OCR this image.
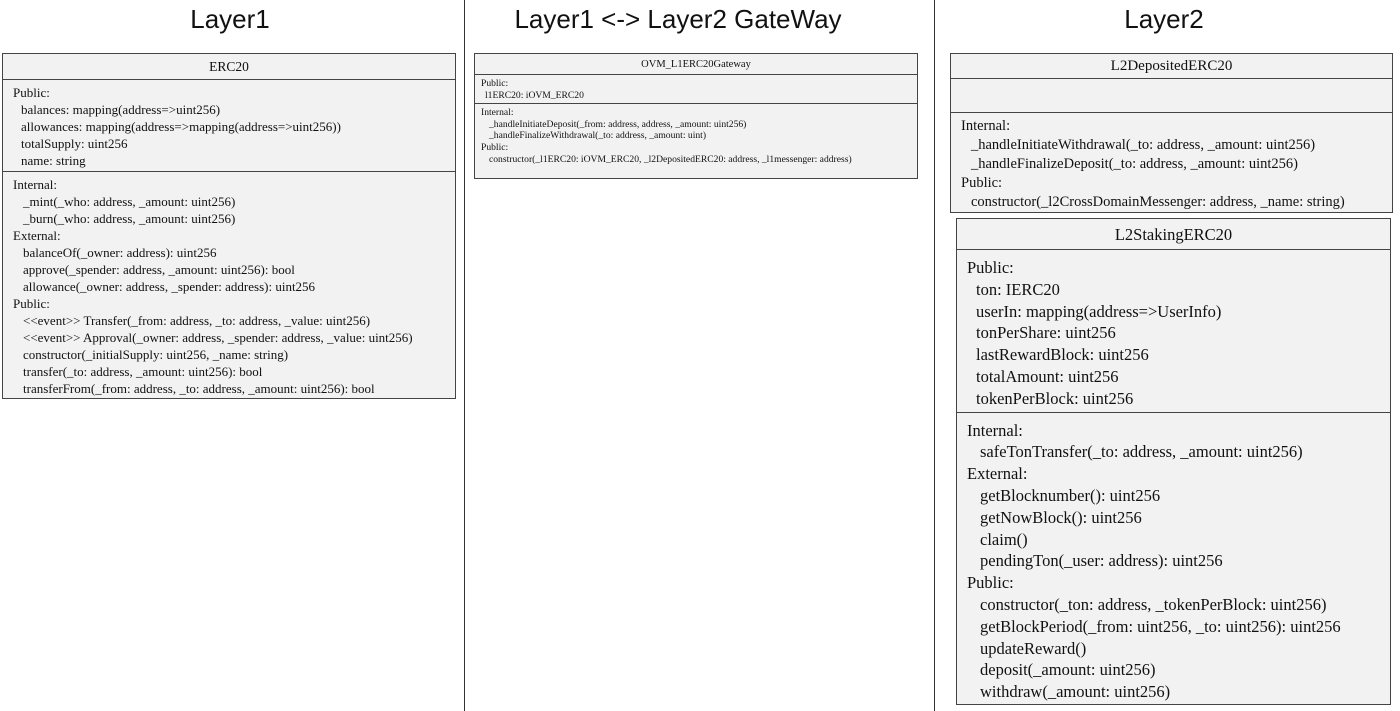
Layer1	Layer1 <-> Layer2 GateWay	Layer2
ERC20
Public:
balances: mapping(address=>uint256)
allowances: mapping(address=>mapping(address=>uint256))
totalSupply: uint256
name: string
Internal:
_mint(_who: address, _amount: uint256)
_burn(_who: address, _amount: uint256)
External:
balanceOf(_owner: address): uint256
approve(_spender: address, _amount: uint256): bool
allowance(_owner: address, _spender: address): uint256
Public:
<<event>> Transfer(_from: address, _to: address, _value: uint256)
<<event>> Approval(_owner: address, _spender: address, _value: uint256)
constructor(_initialSupply: uint256, _name: string)
transfer(_to: address, _amount: uint256): bool
transferFrom(_from: address, _to: address, _amount: uint256): bool
OVM_L1ERC20Gateway
Public:
l1ERC20: iOVM_ERC20
Internal:
_handleInitiateDeposit(_from: address, address, _amount: uint256)
_handleFinalizeWithdrawal(_to: address, _amount: uint)
Public:
constructor(_l1ERC20: iOVM_ERC20, _l2DepositedERC20: address, _l1messenger: address)
L2DepositedERC20
Internal:
_handleInitiateWithdrawal(_to: address, _amount: uint256)
_handleFinalizeDeposit(_to: address, _amount: uint256)
Public:
constructor(_l2CrossDomainMessenger: address, _name: string)
L2StakingERC20
Public:
ton: IERC20
userIn: mapping(address=>UserInfo)
tonPerShare: uint256
lastRewardBlock: uint256
totalAmount: uint256
tokenPerBlock: uint256
Internal:
safeTonTransfer(_to: address, _amount: uint256)
External:
getBlocknumber(): uint256
getNowBlock(): uint256
claim()
pendingTon(_user: address): uint256
Public:
constructor(_ton: address, _tokenPerBlock: uint256)
getBlockPeriod(_from: uint256, _to: uint256): uint256
updateReward()
deposit(_amount: uint256)
withdraw(_amount: uint256)
